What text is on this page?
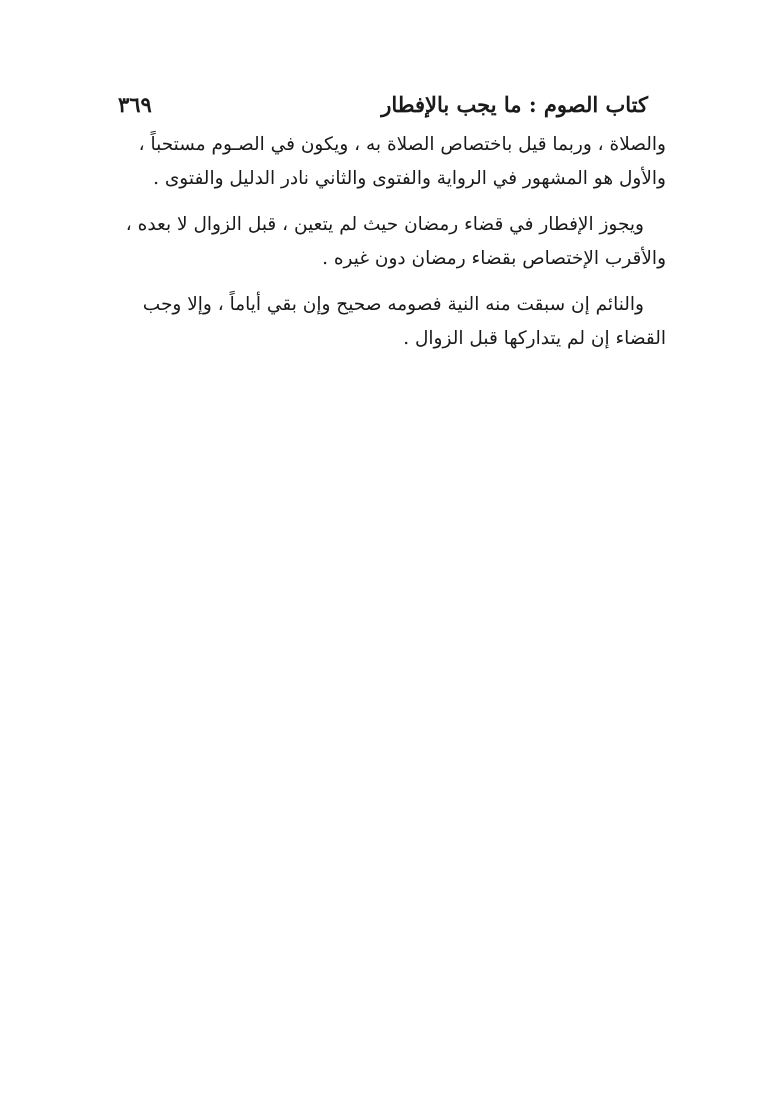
كتاب الصوم : ما يجب بالإفطار
٣٦٩

والصلاة ، وربما قيل باختصاص الصلاة به ، ويكون في الصـوم مستحباً ،
والأول هو المشهور في الرواية والفتوى والثاني نادر الدليل والفتوى .

ويجوز الإفطار في قضاء رمضان حيث لم يتعين ، قبل الزوال لا بعده ،
والأقرب الإختصاص بقضاء رمضان دون غيره .

والنائم إن سبقت منه النية فصومه صحيح وإن بقي أياماً ، وإلا وجب
القضاء إن لم يتداركها قبل الزوال .
